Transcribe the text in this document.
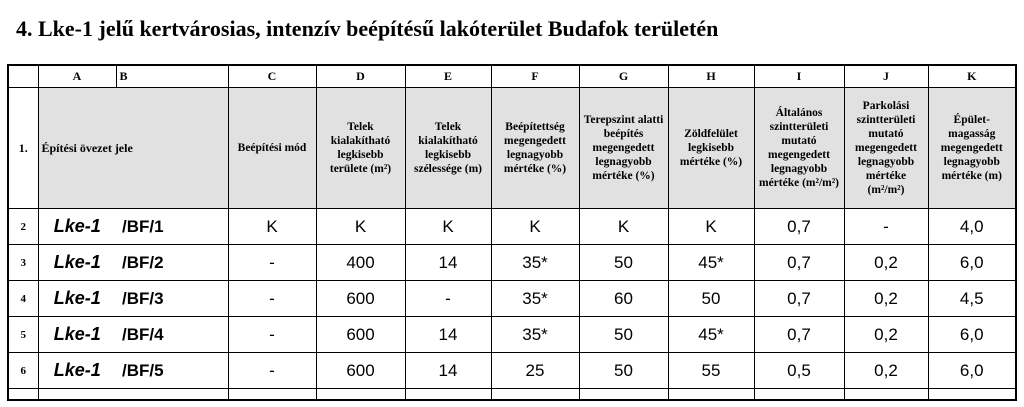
4. Lke-1 jelű kertvárosias, intenzív beépítésű lakóterület Budafok területén
	A	B	C	D	E	F	G	H	I	J	K
1.	Építési övezet jele		Beépítési mód	Telek kialakítható legkisebb területe (m²)	Telek kialakítható legkisebb szélessége (m)	Beépítettség megengedett legnagyobb mértéke (%)	Terepszint alatti beépítés megengedett legnagyobb mértéke (%)	Zöldfelület legkisebb mértéke (%)	Általános szintterületi mutató megengedett legnagyobb mértéke (m²/m²)	Parkolási szintterületi mutató megengedett legnagyobb mértéke (m²/m²)	Épület-magasság megengedett legnagyobb mértéke (m)

2	Lke-1	/BF/1	K	K	K	K	K	K	0,7	-	4,0
3	Lke-1	/BF/2	-	400	14	35*	50	45*	0,7	0,2	6,0
4	Lke-1	/BF/3	-	600	-	35*	60	50	0,7	0,2	4,5
5	Lke-1	/BF/4	-	600	14	35*	50	45*	0,7	0,2	6,0
6	Lke-1	/BF/5	-	600	14	25	50	55	0,5	0,2	6,0
